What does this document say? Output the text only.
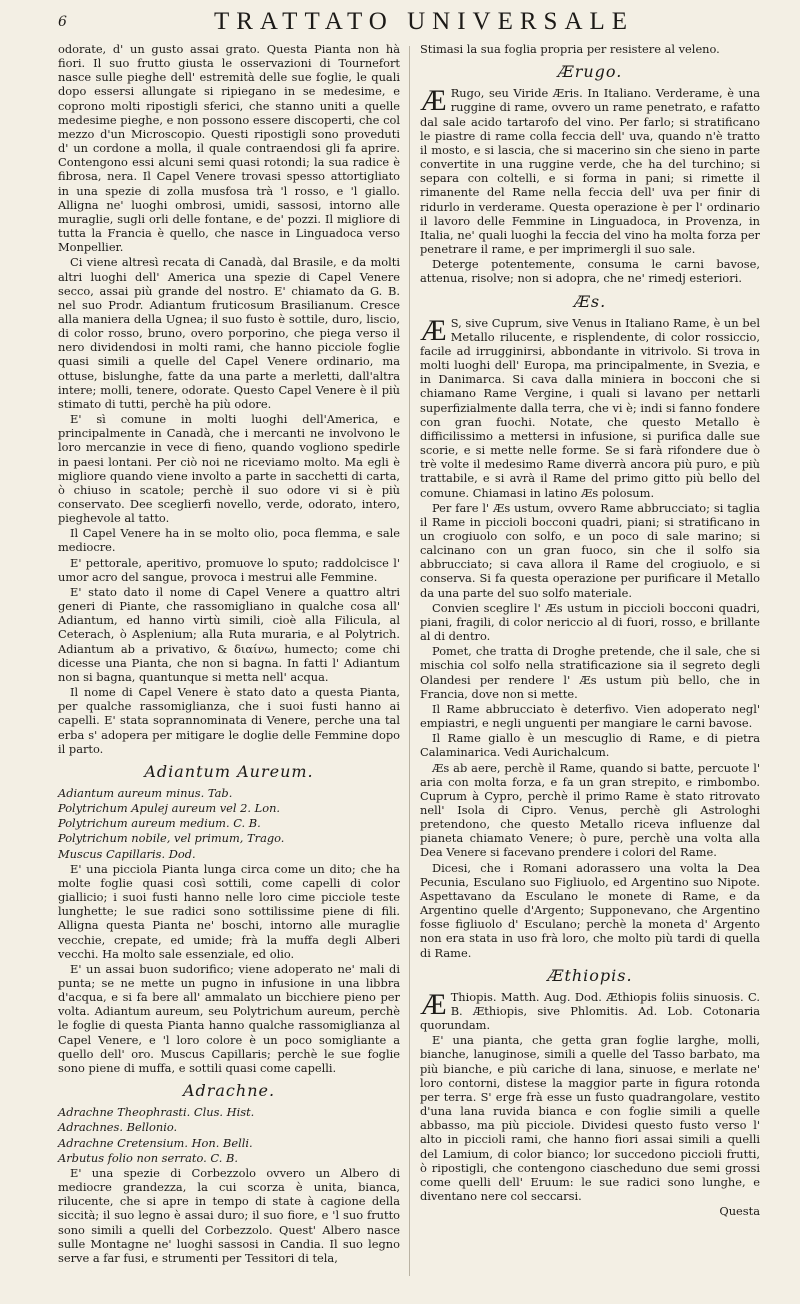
6	TRATTATO UNIVERSALE

odorate, d' un gusto assai grato. Questa Pianta non hà fiori. Il suo frutto giusta le osservazioni di Tournefort nasce sulle pieghe dell' estremità delle sue foglie, le quali dopo essersi allungate si ripiegano in se medesime, e coprono molti ripostigli sferici, che stanno uniti a quelle medesime pieghe, e non possono essere discoperti, che col mezzo d'un Microscopio. Questi ripostigli sono proveduti d' un cordone a molla, il quale contraendosi gli fa aprire. Contengono essi alcuni semi quasi rotondi; la sua radice è fibrosa, nera. Il Capel Venere trovasi spesso attortigliato in una spezie di zolla musfosa trà 'l rosso, e 'l giallo. Alligna ne' luoghi ombrosi, umidi, sassosi, intorno alle muraglie, sugli orli delle fontane, e de' pozzi. Il migliore di tutta la Francia è quello, che nasce in Linguadoca verso Monpellier.

Ci viene altresì recata di Canadà, dal Brasile, e da molti altri luoghi dell' America una spezie di Capel Venere secco, assai più grande del nostro. E' chiamato da G. B. nel suo Prodr. Adiantum fruticosum Brasilianum. Cresce alla maniera della Ugnea; il suo fusto è sottile, duro, liscio, di color rosso, bruno, overo porporino, che piega verso il nero dividendosi in molti rami, che hanno picciole foglie quasi simili a quelle del Capel Venere ordinario, ma ottuse, bislunghe, fatte da una parte a merletti, dall'altra intere; molli, tenere, odorate. Questo Capel Venere è il più stimato di tutti, perchè ha più odore.

E' sì comune in molti luoghi dell'America, e principalmente in Canadà, che i mercanti ne involvono le loro mercanzie in vece di fieno, quando vogliono spedirle in paesi lontani. Per ciò noi ne riceviamo molto. Ma egli è migliore quando viene involto a parte in sacchetti di carta, ò chiuso in scatole; perchè il suo odore vi si è più conservato. Dee sceglierfi novello, verde, odorato, intero, pieghevole al tatto.

Il Capel Venere ha in se molto olio, poca flemma, e sale mediocre.

E' pettorale, aperitivo, promuove lo sputo; raddolcisce l' umor acro del sangue, provoca i mestrui alle Femmine.

E' stato dato il nome di Capel Venere a quattro altri generi di Piante, che rassomigliano in qualche cosa all' Adiantum, ed hanno virtù simili, cioè alla Filicula, al Ceterach, ò Asplenium; alla Ruta muraria, e al Polytrich. Adiantum ab a privativo, & διαίνω, humecto; come chi dicesse una Pianta, che non si bagna. In fatti l' Adiantum non si bagna, quantunque si metta nell' acqua.

Il nome di Capel Venere è stato dato a questa Pianta, per qualche rassomiglianza, che i suoi fusti hanno ai capelli. E' stata soprannominata di Venere, perche una tal erba s' adopera per mitigare le doglie delle Femmine dopo il parto.

Adiantum Aureum.

Adiantum aureum minus. Tab.

Polytrichum Apulej aureum vel 2. Lon.

Polytrichum aureum medium. C. B.

Polytrichum nobile, vel primum, Trago.

Muscus Capillaris. Dod.

E' una picciola Pianta lunga circa come un dito; che ha molte foglie quasi così sottili, come capelli di color giallicio; i suoi fusti hanno nelle loro cime picciole teste lunghette; le sue radici sono sottilissime piene di fili. Alligna questa Pianta ne' boschi, intorno alle muraglie vecchie, crepate, ed umide; frà la muffa degli Alberi vecchi. Ha molto sale essenziale, ed olio.

E' un assai buon sudorifico; viene adoperato ne' mali di punta; se ne mette un pugno in infusione in una libbra d'acqua, e si fa bere all' ammalato un bicchiere pieno per volta. Adiantum aureum, seu Polytrichum aureum, perchè le foglie di questa Pianta hanno qualche rassomiglianza al Capel Venere, e 'l loro colore è un poco somigliante a quello dell' oro. Muscus Capillaris; perchè le sue foglie sono piene di muffa, e sottili quasi come capelli.

Adrachne.

Adrachne Theophrasti. Clus. Hist.

Adrachnes. Bellonio.

Adrachne Cretensium. Hon. Belli.

Arbutus folio non serrato. C. B.

E' una spezie di Corbezzolo ovvero un Albero di mediocre grandezza, la cui scorza è unita, bianca, rilucente, che si apre in tempo di state à cagione della siccità; il suo legno è assai duro; il suo fiore, e 'l suo frutto sono simili a quelli del Corbezzolo. Quest' Albero nasce sulle Montagne ne' luoghi sassosi in Candia. Il suo legno serve a far fusi, e strumenti per Tessitori di tela,

Stimasi la sua foglia propria per resistere al veleno.

Ærugo.

Æ Rugo, seu Viride Æris. In Italiano. Verderame, è una ruggine di rame, ovvero un rame penetrato, e rafatto dal sale acido tartarofo del vino. Per farlo; si stratificano le piastre di rame colla feccia dell' uva, quando n'è tratto il mosto, e si lascia, che si macerino sin che sieno in parte convertite in una ruggine verde, che ha del turchino; si separa con coltelli, e si forma in pani; si rimette il rimanente del Rame nella feccia dell' uva per finir di ridurlo in verderame. Questa operazione è per l' ordinario il lavoro delle Femmine in Linguadoca, in Provenza, in Italia, ne' quali luoghi la feccia del vino ha molta forza per penetrare il rame, e per imprimergli il suo sale.

Deterge potentemente, consuma le carni bavose, attenua, risolve; non si adopra, che ne' rimedj esteriori.

Æs.

Æ S, sive Cuprum, sive Venus in Italiano Rame, è un bel Metallo rilucente, e risplendente, di color rossiccio, facile ad irrugginirsi, abbondante in vitrivolo. Si trova in molti luoghi dell' Europa, ma principalmente, in Svezia, e in Danimarca. Si cava dalla miniera in bocconi che si chiamano Rame Vergine, i quali si lavano per nettarli superfizialmente dalla terra, che vi è; indi si fanno fondere con gran fuochi. Notate, che questo Metallo è difficilissimo a mettersi in infusione, si purifica dalle sue scorie, e si mette nelle forme. Se si farà rifondere due ò trè volte il medesimo Rame diverrà ancora più puro, e più trattabile, e si avrà il Rame del primo gitto più bello del comune. Chiamasi in latino Æs polosum.

Per fare l' Æs ustum, ovvero Rame abbrucciato; si taglia il Rame in piccioli bocconi quadri, piani; si stratificano in un crogiuolo con solfo, e un poco di sale marino; si calcinano con un gran fuoco, sin che il solfo sia abbrucciato; si cava allora il Rame del crogiuolo, e si conserva. Si fa questa operazione per purificare il Metallo da una parte del suo solfo materiale.

Convien sceglire l' Æs ustum in piccioli bocconi quadri, piani, fragili, di color nericcio al di fuori, rosso, e brillante al di dentro.

Pomet, che tratta di Droghe pretende, che il sale, che si mischia col solfo nella stratificazione sia il segreto degli Olandesi per rendere l' Æs ustum più bello, che in Francia, dove non si mette.

Il Rame abbrucciato è deterfivo. Vien adoperato negl' empiastri, e negli unguenti per mangiare le carni bavose.

Il Rame giallo è un mescuglio di Rame, e di pietra Calaminarica. Vedi Aurichalcum.

Æs ab aere, perchè il Rame, quando si batte, percuote l' aria con molta forza, e fa un gran strepito, e rimbombo. Cuprum à Cypro, perchè il primo Rame è stato ritrovato nell' Isola di Cipro. Venus, perchè gli Astrologhi pretendono, che questo Metallo riceva influenze dal pianeta chiamato Venere; ò pure, perchè una volta alla Dea Venere si facevano prendere i colori del Rame.

Dicesi, che i Romani adorassero una volta la Dea Pecunia, Esculano suo Figliuolo, ed Argentino suo Nipote. Aspettavano da Esculano le monete di Rame, e da Argentino quelle d'Argento; Supponevano, che Argentino fosse figliuolo d' Esculano; perchè la moneta d' Argento non era stata in uso frà loro, che molto più tardi di quella di Rame.

Æthiopis.

Æ Thiopis. Matth. Aug. Dod. Æthiopis foliis sinuosis. C. B. Æthiopis, sive Phlomitis. Ad. Lob. Cotonaria quorundam.

E' una pianta, che getta gran foglie larghe, molli, bianche, lanuginose, simili a quelle del Tasso barbato, ma più bianche, e più cariche di lana, sinuose, e merlate ne' loro contorni, distese la maggior parte in figura rotonda per terra. S' erge frà esse un fusto quadrangolare, vestito d'una lana ruvida bianca e con foglie simili a quelle abbasso, ma più picciole. Dividesi questo fusto verso l' alto in piccioli rami, che hanno fiori assai simili a quelli del Lamium, di color bianco; lor succedono piccioli frutti, ò ripostigli, che contengono ciascheduno due semi grossi come quelli dell' Eruum: le sue radici sono lunghe, e diventano nere col seccarsi.

Questa
